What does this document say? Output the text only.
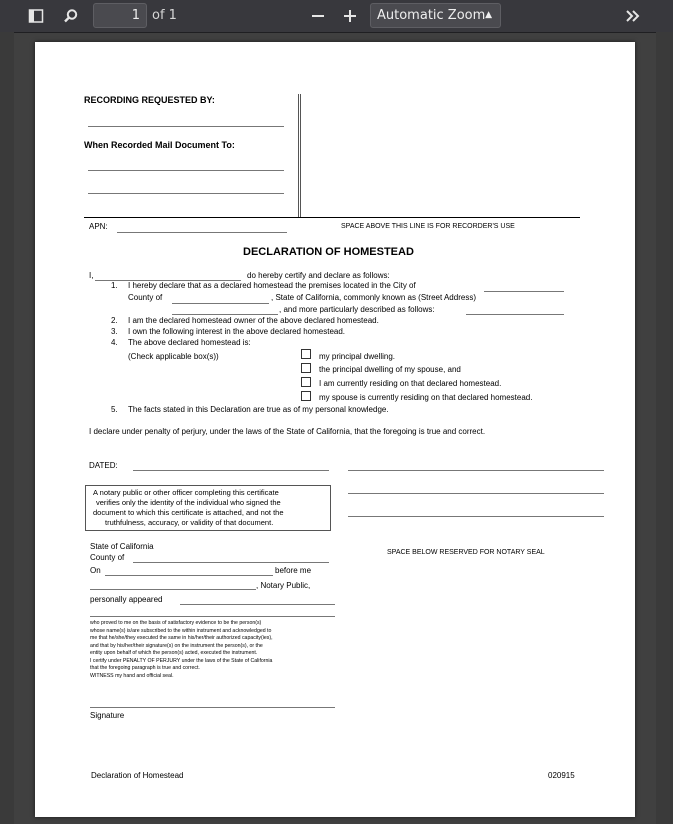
1 of 1	Automatic Zoom ▲

RECORDING REQUESTED BY:
When Recorded Mail Document To:
APN:	SPACE ABOVE THIS LINE IS FOR RECORDER'S USE
DECLARATION OF HOMESTEAD
I,	do hereby certify and declare as follows:
1. I hereby declare that as a declared homestead the premises located in the City of
County of	, State of California, commonly known as (Street Address)
, and more particularly described as follows:
2. I am the declared homestead owner of the above declared homestead.
3. I own the following interest in the above declared homestead.
4. The above declared homestead is:
(Check applicable box(s))	my principal dwelling.
the principal dwelling of my spouse, and
I am currently residing on that declared homestead.
my spouse is currently residing on that declared homestead.
5. The facts stated in this Declaration are true as of my personal knowledge.
I declare under penalty of perjury, under the laws of the State of California, that the foregoing is true and correct.
DATED:
A notary public or other officer completing this certificate
verifies only the identity of the individual who signed the
document to which this certificate is attached, and not the
truthfulness, accuracy, or validity of that document.
State of California
County of
On	before me
, Notary Public,
personally appeared
SPACE BELOW RESERVED FOR NOTARY SEAL
who proved to me on the basis of satisfactory evidence to be the person(s)
whose name(s) is/are subscribed to the within instrument and acknowledged to
me that he/she/they executed the same in his/her/their authorized capacity(ies),
and that by his/her/their signature(s) on the instrument the person(s), or the
entity upon behalf of which the person(s) acted, executed the instrument.
I certify under PENALTY OF PERJURY under the laws of the State of California
that the foregoing paragraph is true and correct.
WITNESS my hand and official seal.
Signature
Declaration of Homestead	020915
